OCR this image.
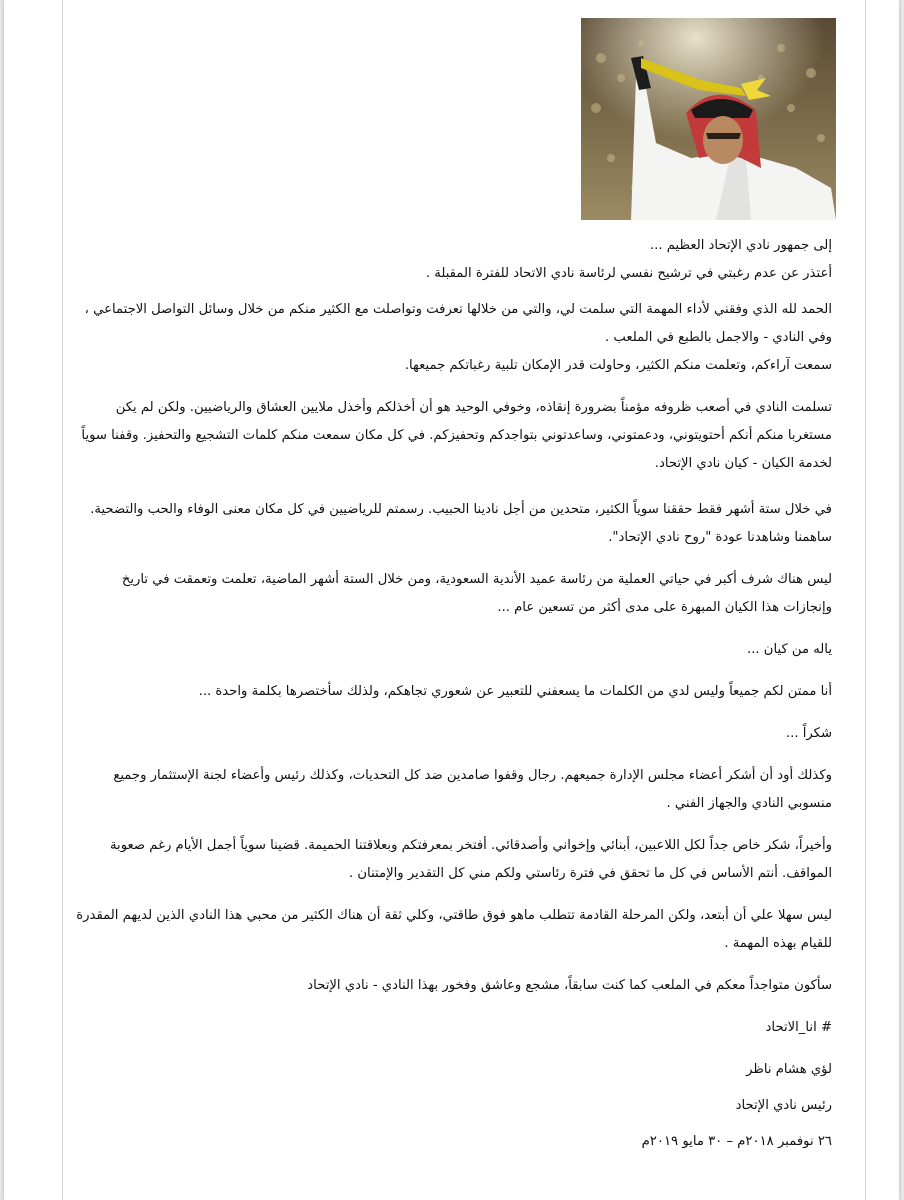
إلى جمهور نادي الإتحاد العظيم ...
أعتذر عن عدم رغبتي في ترشيح نفسي لرئاسة نادي الاتحاد للفترة المقبلة .
الحمد لله الذي وفقني لأداء المهمة التي سلمت لي، والتي من خلالها تعرفت وتواصلت مع الكثير منكم من خلال وسائل التواصل الاجتماعي ،
وفي النادي - والاجمل بالطبع في الملعب .
سمعت آراءكم، وتعلمت منكم الكثير، وحاولت قدر الإمكان تلبية رغباتكم جميعها.
تسلمت النادي في أصعب ظروفه مؤمناً بضرورة إنقاذه، وخوفي الوحيد هو أن أخذلكم وأخذل ملايين العشاق والرياضيين. ولكن لم يكن
مستغربا منكم أنكم أحتويتوني، ودعمتوني، وساعدتوني بتواجدكم وتحفيزكم. في كل مكان سمعت منكم كلمات التشجيع والتحفيز. وقفنا سوياً
لخدمة الكيان - كيان نادي الإتحاد.
في خلال ستة أشهر فقط حققنا سوياً الكثير، متحدين من أجل نادينا الحبيب. رسمتم للرياضيين في كل مكان معنى الوفاء والحب والتضحية.
ساهمنا وشاهدنا عودة "روح نادي الإتحاد".
ليس هناك شرف أكبر في حياتي العملية من رئاسة عميد الأندية السعودية، ومن خلال الستة أشهر الماضية، تعلمت وتعمقت في تاريخ
وإنجازات هذا الكيان المبهرة على مدى أكثر من تسعين عام ...
ياله من كيان ...
أنا ممتن لكم جميعاً وليس لدي من الكلمات ما يسعفني للتعبير عن شعوري تجاهكم، ولذلك سأختصرها بكلمة واحدة ...
شكراً ...
وكذلك أود أن أشكر أعضاء مجلس الإدارة جميعهم. رجال وقفوا صامدين ضد كل التحديات، وكذلك رئيس وأعضاء لجنة الإستثمار وجميع
منسوبي النادي والجهاز الفني .
وأخيراً، شكر خاص جداً لكل اللاعبين، أبنائي وإخواني وأصدقائي. أفتخر بمعرفتكم وبعلاقتنا الحميمة. قضينا سوياً أجمل الأيام رغم صعوبة
المواقف. أنتم الأساس في كل ما تحقق في فترة رئاستي ولكم مني كل التقدير والإمتنان .
ليس سهلا علي أن أبتعد، ولكن المرحلة القادمة تتطلب ماهو فوق طاقتي، وكلي ثقة أن هناك الكثير من محبي هذا النادي الذين لديهم المقدرة
للقيام بهذه المهمة .
سأكون متواجداً معكم في الملعب كما كنت سابقاً، مشجع وعاشق وفخور بهذا النادي - نادي الإتحاد
# انا_الاتحاد
لؤي هشام ناظر
رئيس نادي الإتحاد
٢٦ نوفمبر ٢٠١٨م – ٣٠ مايو ٢٠١٩م
